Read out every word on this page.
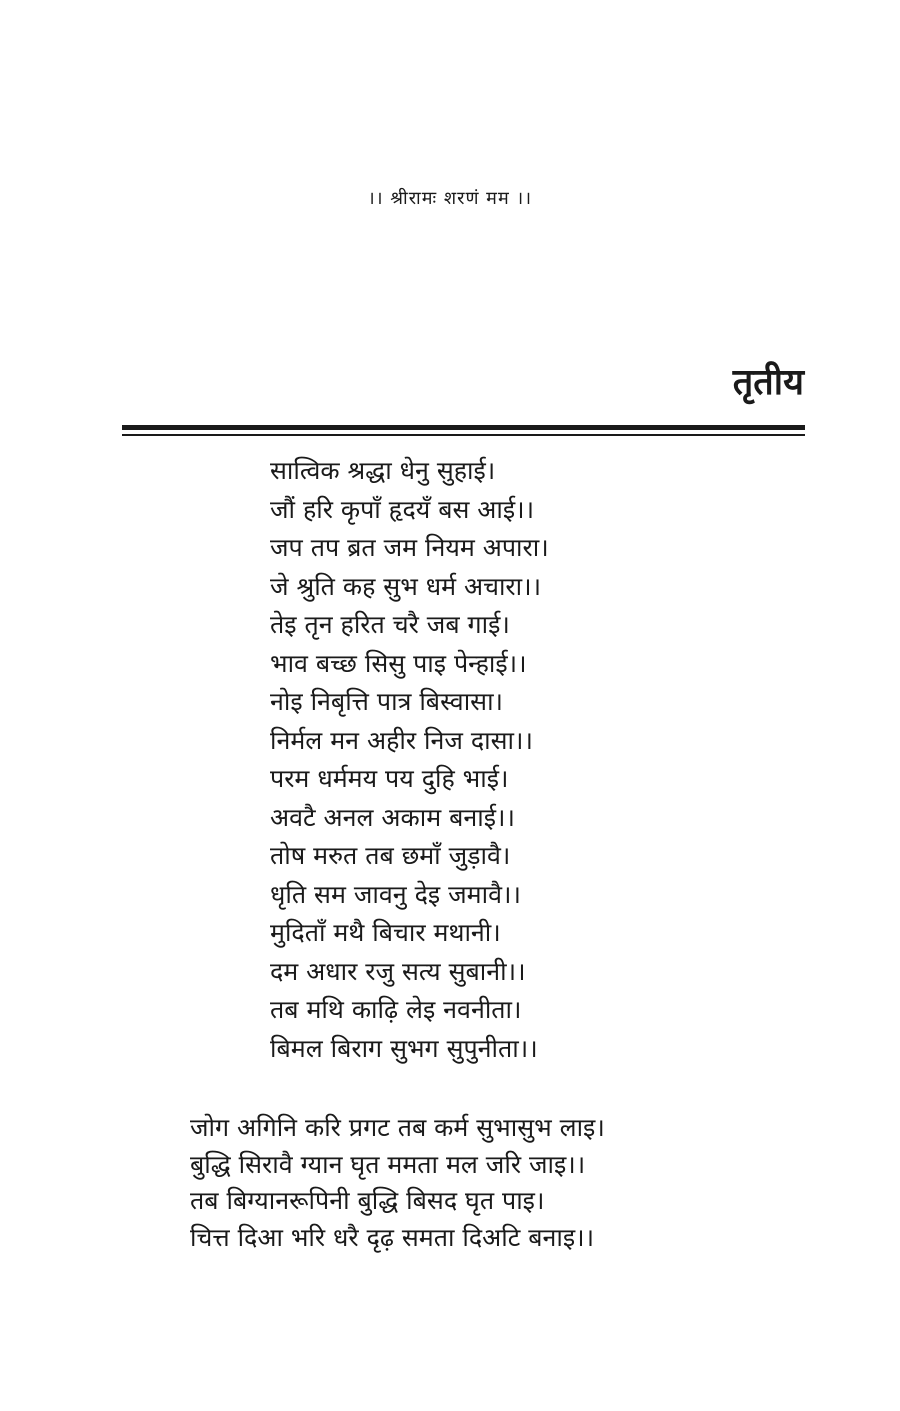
।। श्रीरामः शरणं मम ।।
तृतीय
सात्विक श्रद्धा धेनु सुहाई।
जौं हरि कृपाँ हृदयँ बस आई।।
जप तप ब्रत जम नियम अपारा।
जे श्रुति कह सुभ धर्म अचारा।।
तेइ तृन हरित चरै जब गाई।
भाव बच्छ सिसु पाइ पेन्हाई।।
नोइ निबृत्ति पात्र बिस्वासा।
निर्मल मन अहीर निज दासा।।
परम धर्ममय पय दुहि भाई।
अवटै अनल अकाम बनाई।।
तोष मरुत तब छमाँ जुड़ावै।
धृति सम जावनु देइ जमावै।।
मुदिताँ मथै बिचार मथानी।
दम अधार रजु सत्य सुबानी।।
तब मथि काढ़ि लेइ नवनीता।
बिमल बिराग सुभग सुपुनीता।।
जोग अगिनि करि प्रगट तब कर्म सुभासुभ लाइ।
बुद्धि सिरावै ग्यान घृत ममता मल जरि जाइ।।
तब बिग्यानरूपिनी बुद्धि बिसद घृत पाइ।
चित्त दिआ भरि धरै दृढ़ समता दिअटि बनाइ।।
